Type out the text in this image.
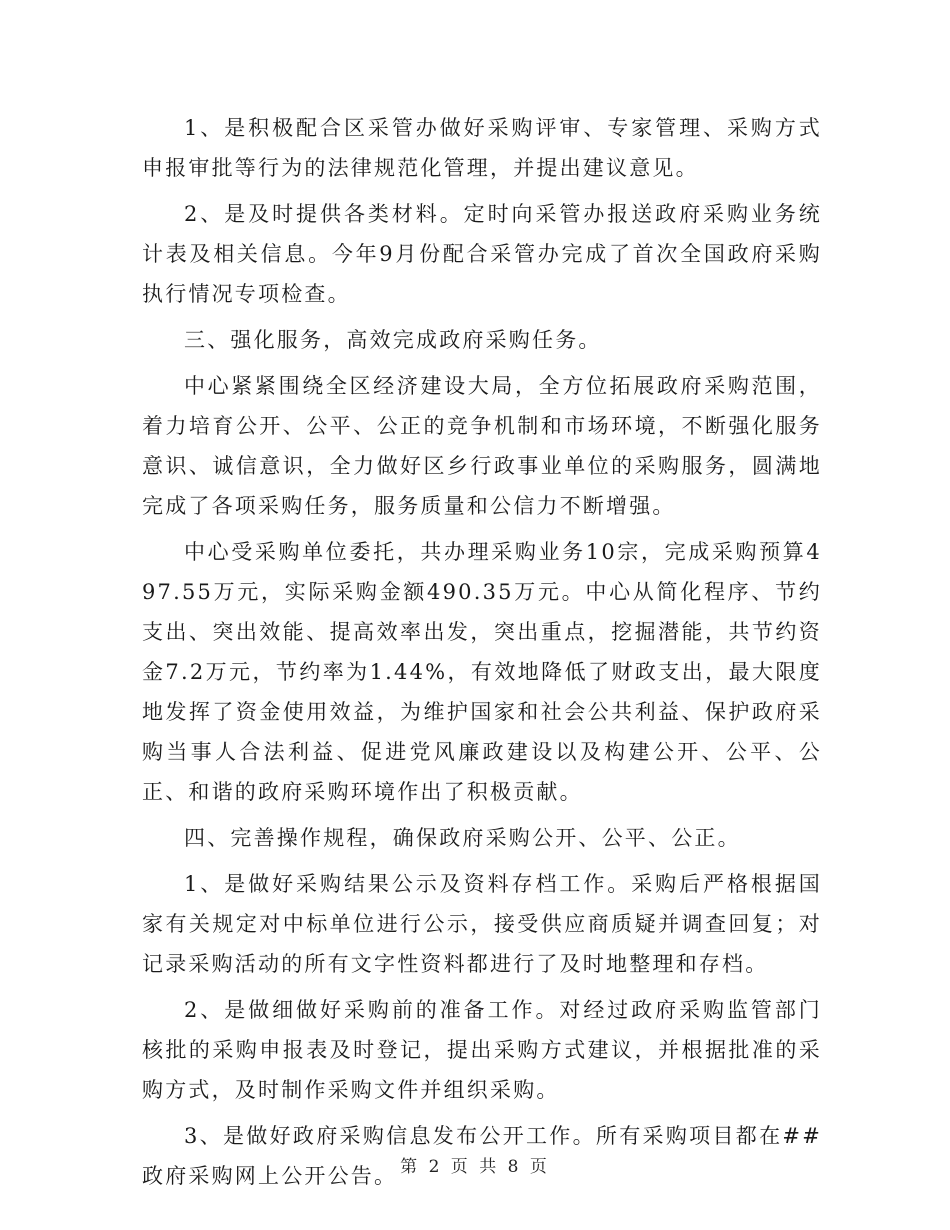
1、是积极配合区采管办做好采购评审、专家管理、采购方式申报审批等行为的法律规范化管理，并提出建议意见。

2、是及时提供各类材料。定时向采管办报送政府采购业务统计表及相关信息。今年9月份配合采管办完成了首次全国政府采购执行情况专项检查。

三、强化服务，高效完成政府采购任务。

中心紧紧围绕全区经济建设大局，全方位拓展政府采购范围，着力培育公开、公平、公正的竞争机制和市场环境，不断强化服务意识、诚信意识，全力做好区乡行政事业单位的采购服务，圆满地完成了各项采购任务，服务质量和公信力不断增强。

中心受采购单位委托，共办理采购业务10宗，完成采购预算497.55万元，实际采购金额490.35万元。中心从简化程序、节约支出、突出效能、提高效率出发，突出重点，挖掘潜能，共节约资金7.2万元，节约率为1.44%，有效地降低了财政支出，最大限度地发挥了资金使用效益，为维护国家和社会公共利益、保护政府采购当事人合法利益、促进党风廉政建设以及构建公开、公平、公正、和谐的政府采购环境作出了积极贡献。

四、完善操作规程，确保政府采购公开、公平、公正。

1、是做好采购结果公示及资料存档工作。采购后严格根据国家有关规定对中标单位进行公示，接受供应商质疑并调查回复；对记录采购活动的所有文字性资料都进行了及时地整理和存档。

2、是做细做好采购前的准备工作。对经过政府采购监管部门核批的采购申报表及时登记，提出采购方式建议，并根据批准的采购方式，及时制作采购文件并组织采购。

3、是做好政府采购信息发布公开工作。所有采购项目都在##政府采购网上公开公告。 第 2 页 共 8 页
